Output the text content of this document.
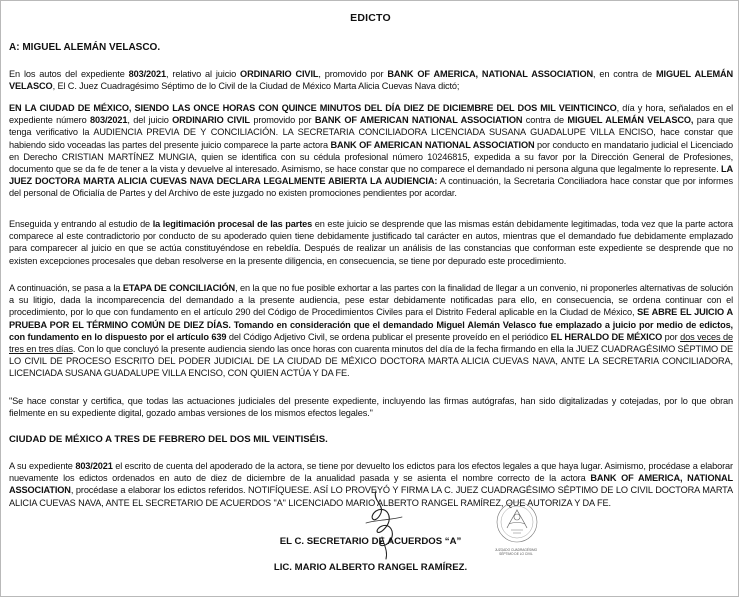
EDICTO
A: MIGUEL ALEMÁN VELASCO.
En los autos del expediente 803/2021, relativo al juicio ORDINARIO CIVIL, promovido por BANK OF AMERICA, NATIONAL ASSOCIATION, en contra de MIGUEL ALEMÁN VELASCO, El C. Juez Cuadragésimo Séptimo de lo Civil de la Ciudad de México Marta Alicia Cuevas Nava dictó;
EN LA CIUDAD DE MÉXICO, SIENDO LAS ONCE HORAS CON QUINCE MINUTOS DEL DÍA DIEZ DE DICIEMBRE DEL DOS MIL VEINTICINCO, día y hora, señalados en el expediente número 803/2021, del juicio ORDINARIO CIVIL promovido por BANK OF AMERICAN NATIONAL ASSOCIATION contra de MIGUEL ALEMÁN VELASCO, para que tenga verificativo la AUDIENCIA PREVIA DE Y CONCILIACIÓN. LA SECRETARIA CONCILIADORA LICENCIADA SUSANA GUADALUPE VILLA ENCISO, hace constar que habiendo sido voceadas las partes del presente juicio comparece la parte actora BANK OF AMERICAN NATIONAL ASSOCIATION por conducto en mandatario judicial el Licenciado en Derecho CRISTIAN MARTÍNEZ MUNGIA, quien se identifica con su cédula profesional número 10246815, expedida a su favor por la Dirección General de Profesiones, documento que se da fe de tener a la vista y devuelve al interesado. Asimismo, se hace constar que no comparece el demandado ni persona alguna que legalmente lo represente. LA JUEZ DOCTORA MARTA ALICIA CUEVAS NAVA DECLARA LEGALMENTE ABIERTA LA AUDIENCIA: A continuación, la Secretaria Conciliadora hace constar que por informes del personal de Oficialía de Partes y del Archivo de este juzgado no existen promociones pendientes por acordar.
Enseguida y entrando al estudio de la legitimación procesal de las partes en este juicio se desprende que las mismas están debidamente legitimadas, toda vez que la parte actora comparece al este contradictorio por conducto de su apoderado quien tiene debidamente justificado tal carácter en autos, mientras que el demandado fue debidamente emplazado para comparecer al juicio en que se actúa constituyéndose en rebeldía. Después de realizar un análisis de las constancias que conforman este expediente se desprende que no existen excepciones procesales que deban resolverse en la presente diligencia, en consecuencia, se tiene por depurado este procedimiento.
A continuación, se pasa a la ETAPA DE CONCILIACIÓN, en la que no fue posible exhortar a las partes con la finalidad de llegar a un convenio, ni proponerles alternativas de solución a su litigio, dada la incomparecencia del demandado a la presente audiencia, pese estar debidamente notificadas para ello, en consecuencia, se ordena continuar con el procedimiento, por lo que con fundamento en el artículo 290 del Código de Procedimientos Civiles para el Distrito Federal aplicable en la Ciudad de México, SE ABRE EL JUICIO A PRUEBA POR EL TÉRMINO COMÚN DE DIEZ DÍAS. Tomando en consideración que el demandado Miguel Alemán Velasco fue emplazado a juicio por medio de edictos, con fundamento en lo dispuesto por el artículo 639 del Código Adjetivo Civil, se ordena publicar el presente proveído en el periódico EL HERALDO DE MÉXICO por dos veces de tres en tres días. Con lo que concluyó la presente audiencia siendo las once horas con cuarenta minutos del día de la fecha firmando en ella la JUEZ CUADRAGÉSIMO SÉPTIMO DE LO CIVIL DE PROCESO ESCRITO DEL PODER JUDICIAL DE LA CIUDAD DE MÉXICO DOCTORA MARTA ALICIA CUEVAS NAVA, ANTE LA SECRETARIA CONCILIADORA, LICENCIADA SUSANA GUADALUPE VILLA ENCISO, CON QUIEN ACTÚA Y DA FE.
"Se hace constar y certifica, que todas las actuaciones judiciales del presente expediente, incluyendo las firmas autógrafas, han sido digitalizadas y cotejadas, por lo que obran fielmente en su expediente digital, gozado ambas versiones de los mismos efectos legales."
CIUDAD DE MÉXICO A TRES DE FEBRERO DEL DOS MIL VEINTISÉIS.
A su expediente 803/2021 el escrito de cuenta del apoderado de la actora, se tiene por devuelto los edictos para los efectos legales a que haya lugar. Asimismo, procédase a elaborar nuevamente los edictos ordenados en auto de diez de diciembre de la anualidad pasada y se asienta el nombre correcto de la actora BANK OF AMERICA, NATIONAL ASSOCIATION, procédase a elaborar los edictos referidos. NOTIFÍQUESE. ASÍ LO PROVEYÓ Y FIRMA LA C. JUEZ CUADRAGÉSIMO SÉPTIMO DE LO CIVIL DOCTORA MARTA ALICIA CUEVAS NAVA, ANTE EL SECRETARIO DE ACUERDOS "A" LICENCIADO MARIO ALBERTO RANGEL RAMÍREZ, QUE AUTORIZA Y DA FE.
JUZGADO CUADRAGÉSIMO SÉPTIMO DE LO CIVIL
EL C. SECRETARIO DE ACUERDOS “A”
LIC. MARIO ALBERTO RANGEL RAMÍREZ.
